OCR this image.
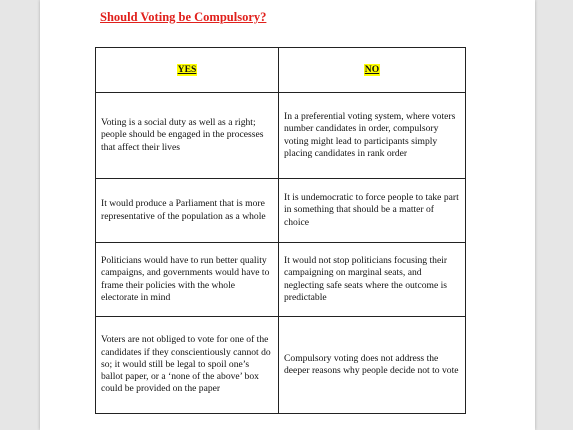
Should Voting be Compulsory?
YES	NO
Voting is a social duty as well as a right; people should be engaged in the processes that affect their lives	In a preferential voting system, where voters number candidates in order, compulsory voting might lead to participants simply placing candidates in rank order
It would produce a Parliament that is more representative of the population as a whole	It is undemocratic to force people to take part in something that should be a matter of choice
Politicians would have to run better quality campaigns, and governments would have to frame their policies with the whole electorate in mind	It would not stop politicians focusing their campaigning on marginal seats, and neglecting safe seats where the outcome is predictable
Voters are not obliged to vote for one of the candidates if they conscientiously cannot do so; it would still be legal to spoil one’s ballot paper, or a ‘none of the above’ box could be provided on the paper	Compulsory voting does not address the deeper reasons why people decide not to vote
